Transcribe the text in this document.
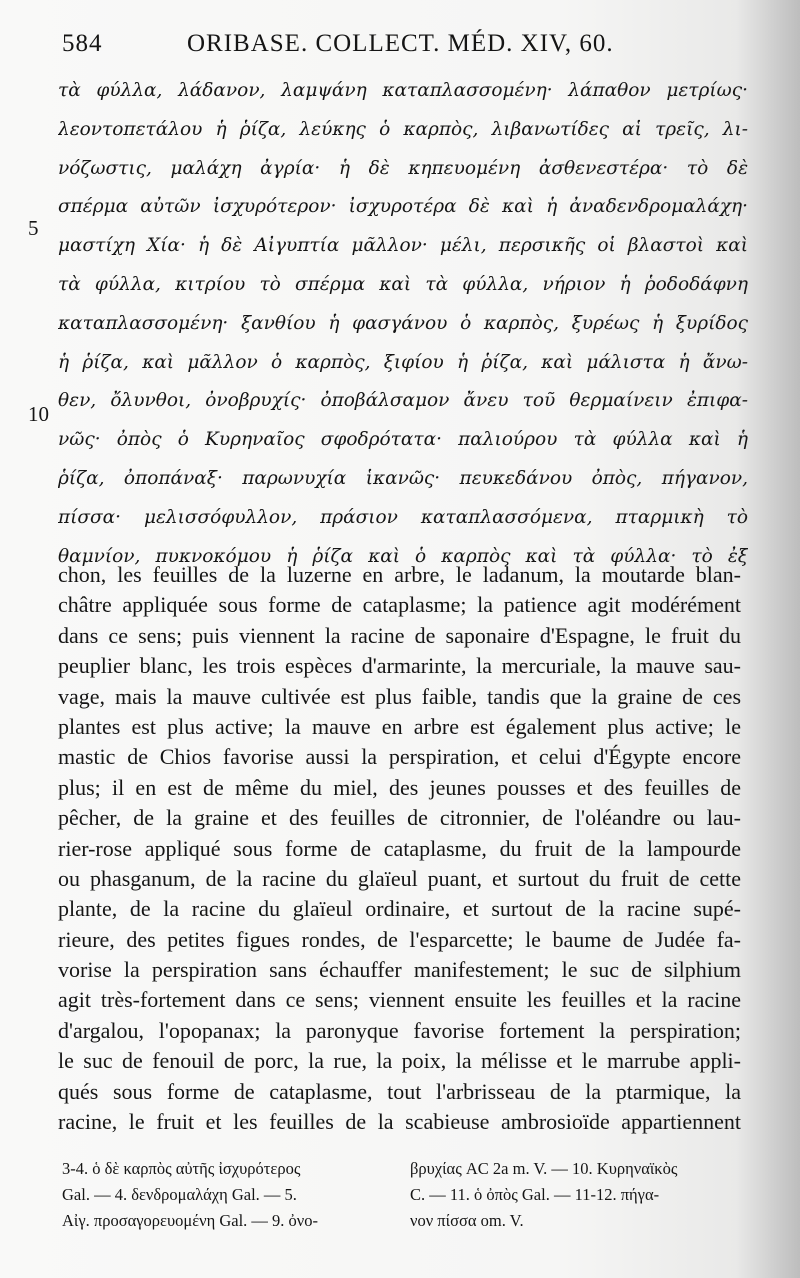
584	ORIBASE. COLLECT. MÉD. XIV, 60.
5
10
τὰ φύλλα, λάδανον, λαμψάνη καταπλασσομένη· λάπαθον μετρίως·
λεοντοπετάλου ἡ ῥίζα, λεύκης ὁ καρπὸς, λιβανωτίδες αἱ τρεῖς, λι-
νόζωστις, μαλάχη ἀγρία· ἡ δὲ κηπευομένη ἀσθενεστέρα· τὸ δὲ
σπέρμα αὐτῶν ἰσχυρότερον· ἰσχυροτέρα δὲ καὶ ἡ ἀναδενδρομαλάχη·
μαστίχη Χία· ἡ δὲ Αἰγυπτία μᾶλλον· μέλι, περσικῆς οἱ βλαστοὶ καὶ
τὰ φύλλα, κιτρίου τὸ σπέρμα καὶ τὰ φύλλα, νήριον ἡ ῥοδοδάφνη
καταπλασσομένη· ξανθίου ἡ φασγάνου ὁ καρπὸς, ξυρέως ἡ ξυρίδος
ἡ ῥίζα, καὶ μᾶλλον ὁ καρπὸς, ξιφίου ἡ ῥίζα, καὶ μάλιστα ἡ ἄνω-
θεν, ὄλυνθοι, ὀνοβρυχίς· ὀποβάλσαμον ἄνευ τοῦ θερμαίνειν ἐπιφα-
νῶς· ὀπὸς ὁ Κυρηναῖος σφοδρότατα· παλιούρου τὰ φύλλα καὶ ἡ
ῥίζα, ὀποπάναξ· παρωνυχία ἱκανῶς· πευκεδάνου ὀπὸς, πήγανον,
πίσσα· μελισσόφυλλον, πράσιον καταπλασσόμενα, πταρμικὴ τὸ
θαμνίον, πυκνοκόμου ἡ ῥίζα καὶ ὁ καρπὸς καὶ τὰ φύλλα· τὸ ἐξ
chon, les feuilles de la luzerne en arbre, le ladanum, la moutarde blan-
châtre appliquée sous forme de cataplasme; la patience agit modérément
dans ce sens; puis viennent la racine de saponaire d'Espagne, le fruit du
peuplier blanc, les trois espèces d'armarinte, la mercuriale, la mauve sau-
vage, mais la mauve cultivée est plus faible, tandis que la graine de ces
plantes est plus active; la mauve en arbre est également plus active; le
mastic de Chios favorise aussi la perspiration, et celui d'Égypte encore
plus; il en est de même du miel, des jeunes pousses et des feuilles de
pêcher, de la graine et des feuilles de citronnier, de l'oléandre ou lau-
rier-rose appliqué sous forme de cataplasme, du fruit de la lampourde
ou phasganum, de la racine du glaïeul puant, et surtout du fruit de cette
plante, de la racine du glaïeul ordinaire, et surtout de la racine supé-
rieure, des petites figues rondes, de l'esparcette; le baume de Judée fa-
vorise la perspiration sans échauffer manifestement; le suc de silphium
agit très-fortement dans ce sens; viennent ensuite les feuilles et la racine
d'argalou, l'opopanax; la paronyque favorise fortement la perspiration;
le suc de fenouil de porc, la rue, la poix, la mélisse et le marrube appli-
qués sous forme de cataplasme, tout l'arbrisseau de la ptarmique, la
racine, le fruit et les feuilles de la scabieuse ambrosioïde appartiennent
3-4. ὁ δὲ καρπὸς αὐτῆς ἰσχυρότερος	βρυχίας AC 2a m. V. — 10. Κυρηναϊκὸς
Gal. — 4. δενδρομαλάχη Gal. — 5.	C. — 11. ὁ ὀπὸς Gal. — 11-12. πήγα-
Αἰγ. προσαγορευομένη Gal. — 9. ὀνο-	νον πίσσα om. V.
